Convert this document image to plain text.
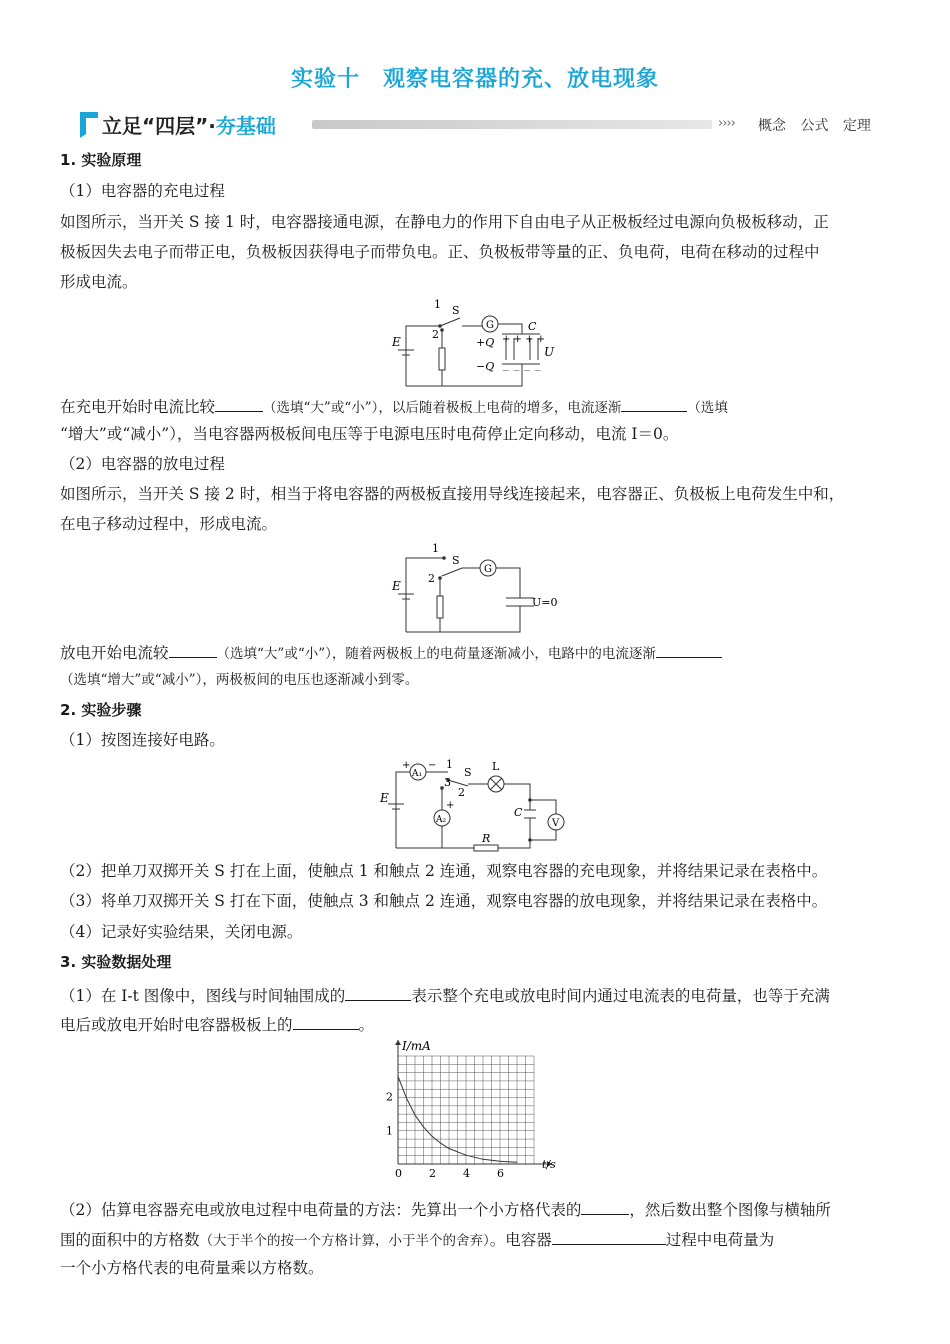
实验十　观察电容器的充、放电现象
立足“四层”·夯基础	›››› 概念 公式 定理
1. 实验原理
（1）电容器的充电过程
如图所示，当开关 S 接 1 时，电容器接通电源，在静电力的作用下自由电子从正极板经过电源向负极板移动，正
极板因失去电子而带正电，负极板因获得电子而带负电。正、负极板带等量的正、负电荷，电荷在移动的过程中
形成电流。
E
1
2
S
G	C
+ + + +
+Q
−Q － － － －
U
在充电开始时电流比较	（选填“大”或“小”），以后随着极板上电荷的增多，电流逐渐	（选填
“增大”或“减小”），当电容器两极板间电压等于电源电压时电荷停止定向移动，电流 I＝0。
（2）电容器的放电过程
如图所示，当开关 S 接 2 时，相当于将电容器的两极板直接用导线连接起来，电容器正、负极板上电荷发生中和，
在电子移动过程中，形成电流。
E
1
2
S
G
U=0
放电开始电流较	（选填“大”或“小”），随着两极板上的电荷量逐渐减小，电路中的电流逐渐
（选填“增大”或“减小”），两极板间的电压也逐渐减小到零。
2. 实验步骤
（1）按图连接好电路。
E
A₁
A₂
+ − 1
3
2
S L
C
V
R
+
（2）把单刀双掷开关 S 打在上面，使触点 1 和触点 2 连通，观察电容器的充电现象，并将结果记录在表格中。
（3）将单刀双掷开关 S 打在下面，使触点 3 和触点 2 连通，观察电容器的放电现象，并将结果记录在表格中。
（4）记录好实验结果，关闭电源。
3. 实验数据处理
（1）在 I-t 图像中，图线与时间轴围成的	表示整个充电或放电时间内通过电流表的电荷量，也等于充满
电后或放电开始时电容器极板上的	。
0 2 4 6
1
2
I/mA
t/s
（2）估算电容器充电或放电过程中电荷量的方法：先算出一个小方格代表的	，然后数出整个图像与横轴所
围的面积中的方格数（大于半个的按一个方格计算，小于半个的舍弃）。电容器	过程中电荷量为
一个小方格代表的电荷量乘以方格数。
